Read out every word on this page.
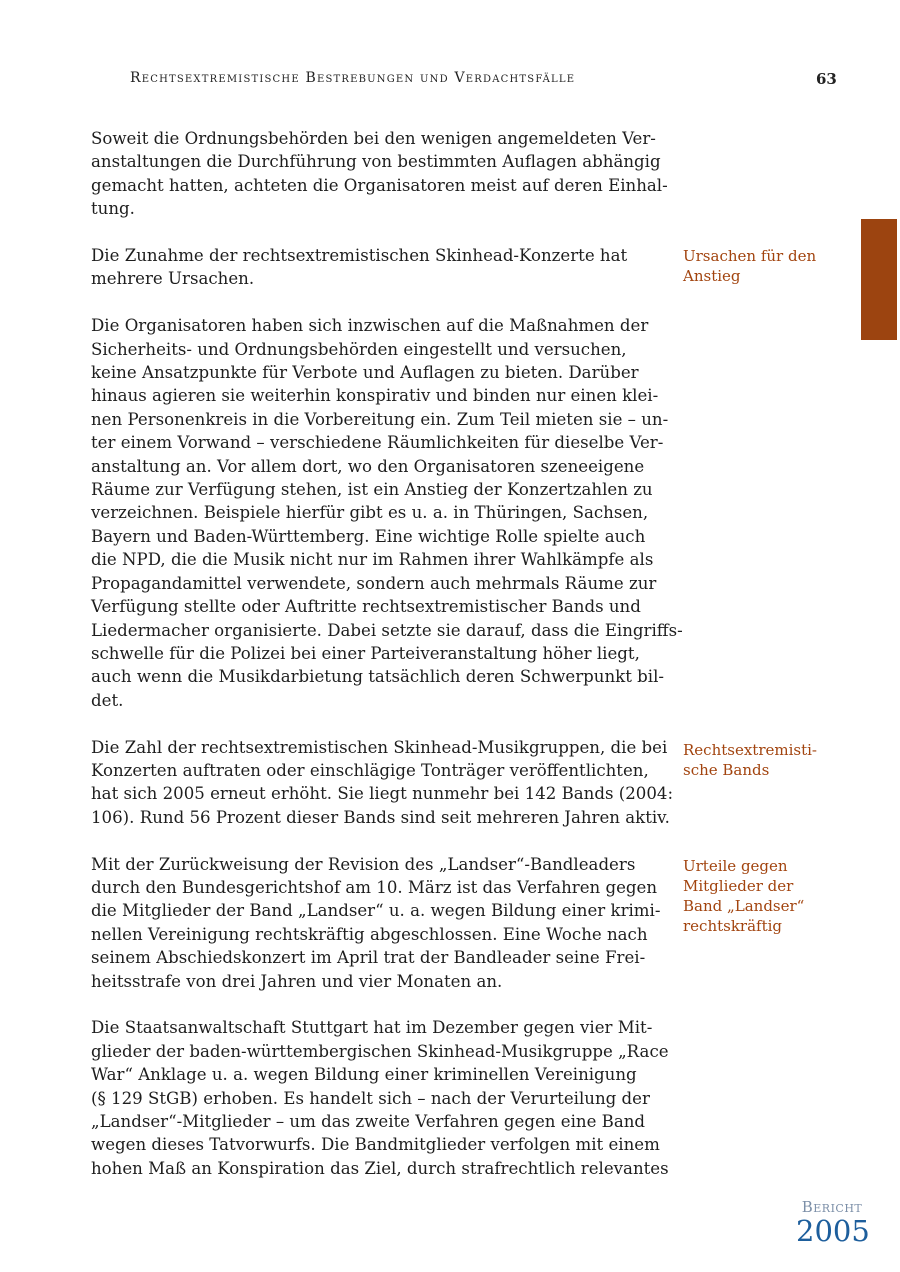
Rechtsextremistische Bestrebungen und Verdachtsfälle	63

Soweit die Ordnungsbehörden bei den wenigen angemeldeten Ver-
anstaltungen die Durchführung von bestimmten Auflagen abhängig
gemacht hatten, achteten die Organisatoren meist auf deren Einhal-
tung.

Die Zunahme der rechtsextremistischen Skinhead-Konzerte hat
mehrere Ursachen.

Die Organisatoren haben sich inzwischen auf die Maßnahmen der
Sicherheits- und Ordnungsbehörden eingestellt und versuchen,
keine Ansatzpunkte für Verbote und Auflagen zu bieten. Darüber
hinaus agieren sie weiterhin konspirativ und binden nur einen klei-
nen Personenkreis in die Vorbereitung ein. Zum Teil mieten sie – un-
ter einem Vorwand – verschiedene Räumlichkeiten für dieselbe Ver-
anstaltung an. Vor allem dort, wo den Organisatoren szeneeigene
Räume zur Verfügung stehen, ist ein Anstieg der Konzertzahlen zu
verzeichnen. Beispiele hierfür gibt es u. a. in Thüringen, Sachsen,
Bayern und Baden-Württemberg. Eine wichtige Rolle spielte auch
die NPD, die die Musik nicht nur im Rahmen ihrer Wahlkämpfe als
Propagandamittel verwendete, sondern auch mehrmals Räume zur
Verfügung stellte oder Auftritte rechtsextremistischer Bands und
Liedermacher organisierte. Dabei setzte sie darauf, dass die Eingriffs-
schwelle für die Polizei bei einer Parteiveranstaltung höher liegt,
auch wenn die Musikdarbietung tatsächlich deren Schwerpunkt bil-
det.

Die Zahl der rechtsextremistischen Skinhead-Musikgruppen, die bei
Konzerten auftraten oder einschlägige Tonträger veröffentlichten,
hat sich 2005 erneut erhöht. Sie liegt nunmehr bei 142 Bands (2004:
106). Rund 56 Prozent dieser Bands sind seit mehreren Jahren aktiv.

Mit der Zurückweisung der Revision des „Landser“-Bandleaders
durch den Bundesgerichtshof am 10. März ist das Verfahren gegen
die Mitglieder der Band „Landser“ u. a. wegen Bildung einer krimi-
nellen Vereinigung rechtskräftig abgeschlossen. Eine Woche nach
seinem Abschiedskonzert im April trat der Bandleader seine Frei-
heitsstrafe von drei Jahren und vier Monaten an.

Die Staatsanwaltschaft Stuttgart hat im Dezember gegen vier Mit-
glieder der baden-württembergischen Skinhead-Musikgruppe „Race
War“ Anklage u. a. wegen Bildung einer kriminellen Vereinigung
(§ 129 StGB) erhoben. Es handelt sich – nach der Verurteilung der
„Landser“-Mitglieder – um das zweite Verfahren gegen eine Band
wegen dieses Tatvorwurfs. Die Bandmitglieder verfolgen mit einem
hohen Maß an Konspiration das Ziel, durch strafrechtlich relevantes

Ursachen für den
Anstieg
Rechtsextremisti-
sche Bands
Urteile gegen
Mitglieder der
Band „Landser“
rechtskräftig
Bericht
2005
